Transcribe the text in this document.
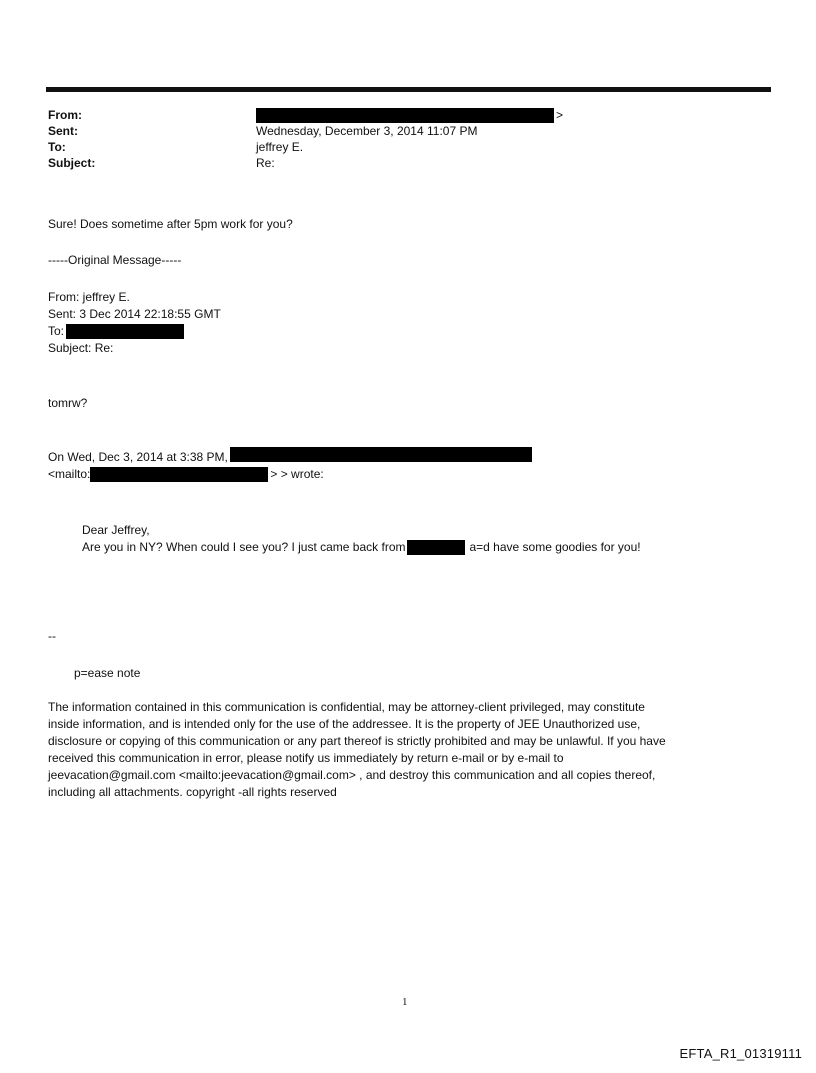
From:	>
Sent:	Wednesday, December 3, 2014 11:07 PM
To:	jeffrey E.
Subject:	Re:
Sure! Does sometime after 5pm work for you?
-----Original Message-----
From: jeffrey E.
Sent: 3 Dec 2014 22:18:55 GMT
To:
Subject: Re:
tomrw?
On Wed, Dec 3, 2014 at 3:38 PM,
<mailto:	> > wrote:
Dear Jeffrey,
Are you in NY? When could I see you? I just came back from	a=d have some goodies for you!
--
p=ease note
The information contained in this communication is confidential, may be attorney-client privileged, may constitute
inside information, and is intended only for the use of the addressee. It is the property of JEE Unauthorized use,
disclosure or copying of this communication or any part thereof is strictly prohibited and may be unlawful. If you have
received this communication in error, please notify us immediately by return e-mail or by e-mail to
jeevacation@gmail.com <mailto:jeevacation@gmail.com> , and destroy this communication and all copies thereof,
including all attachments. copyright -all rights reserved
1
EFTA_R1_01319111
